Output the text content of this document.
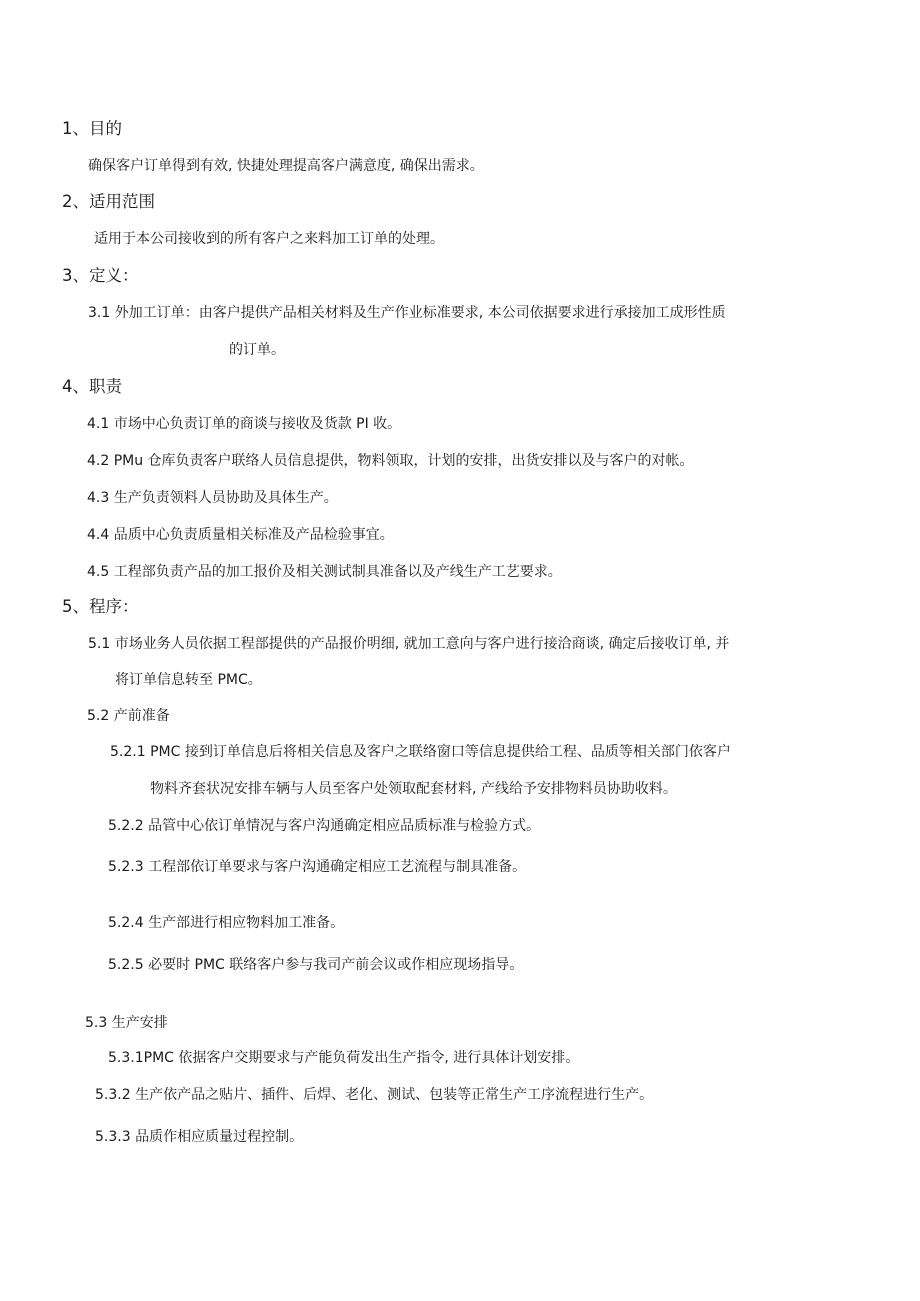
1、目的
确保客户订单得到有效, 快捷处理提高客户满意度, 确保出需求。
2、适用范围
适用于本公司接收到的所有客户之来料加工订单的处理。
3、定义：
3.1 外加工订单：由客户提供产品相关材料及生产作业标准要求, 本公司依据要求进行承接加工成形性质
的订单。
4、职责
4.1 市场中心负责订单的商谈与接收及货款 PI 收。
4.2 PMu 仓库负责客户联络人员信息提供，物料领取，计划的安排，出货安排以及与客户的对帐。
4.3 生产负责领料人员协助及具体生产。
4.4 品质中心负责质量相关标准及产品检验事宜。
4.5 工程部负责产品的加工报价及相关测试制具准备以及产线生产工艺要求。
5、程序：
5.1 市场业务人员依据工程部提供的产品报价明细, 就加工意向与客户进行接洽商谈, 确定后接收订单, 并
将订单信息转至 PMC。
5.2 产前准备
5.2.1 PMC 接到订单信息后将相关信息及客户之联络窗口等信息提供给工程、品质等相关部门依客户
物料齐套状况安排车辆与人员至客户处领取配套材料, 产线给予安排物料员协助收料。
5.2.2 品管中心依订单情况与客户沟通确定相应品质标准与检验方式。
5.2.3 工程部依订单要求与客户沟通确定相应工艺流程与制具准备。
5.2.4 生产部进行相应物料加工准备。
5.2.5 必要时 PMC 联络客户参与我司产前会议或作相应现场指导。
5.3 生产安排
5.3.1PMC 依据客户交期要求与产能负荷发出生产指令, 进行具体计划安排。
5.3.2 生产依产品之贴片、插件、后焊、老化、测试、包装等正常生产工序流程进行生产。
5.3.3 品质作相应质量过程控制。
